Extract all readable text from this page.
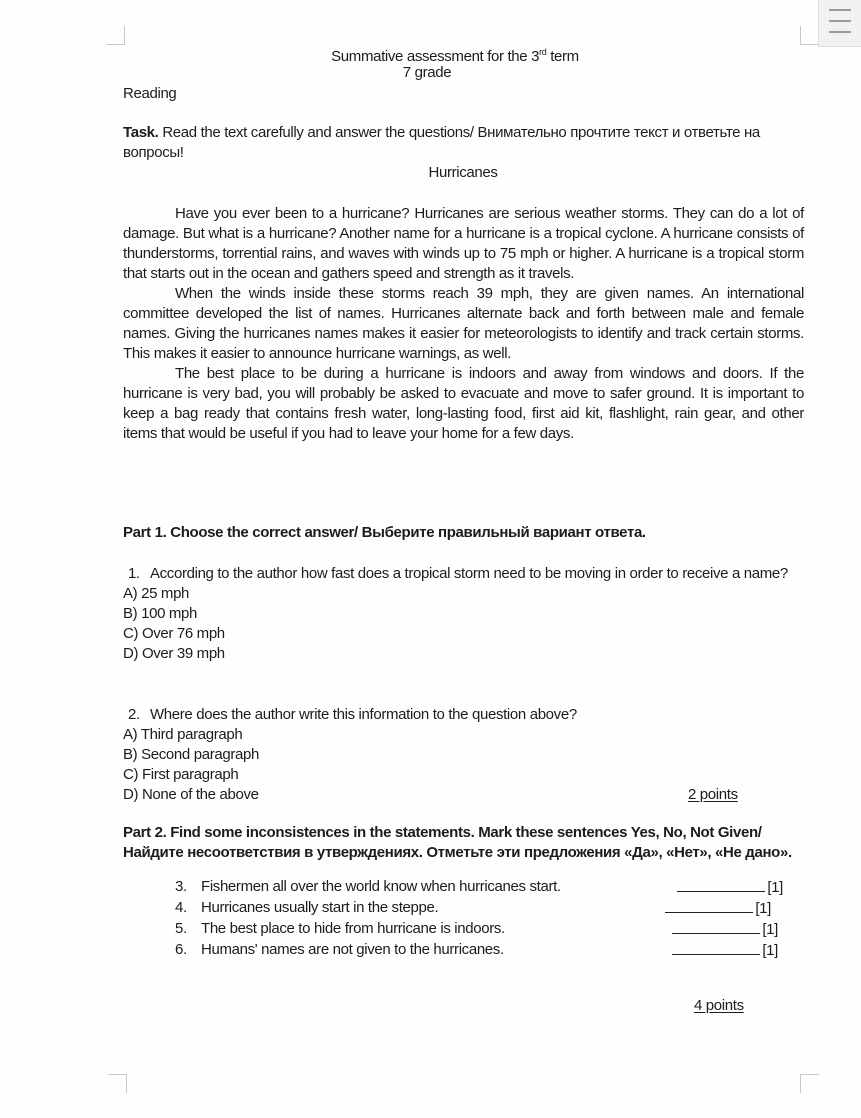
Summative assessment for the 3rd term
7 grade
Reading
Task. Read the text carefully and answer the questions/ Внимательно прочтите текст и ответьте на вопросы!
Hurricanes

Have you ever been to a hurricane? Hurricanes are serious weather storms. They can do a lot of damage. But what is a hurricane? Another name for a hurricane is a tropical cyclone. A hurricane consists of thunderstorms, torrential rains, and waves with winds up to 75 mph or higher. A hurricane is a tropical storm that starts out in the ocean and gathers speed and strength as it travels.

When the winds inside these storms reach 39 mph, they are given names. An international committee developed the list of names. Hurricanes alternate back and forth between male and female names. Giving the hurricanes names makes it easier for meteorologists to identify and track certain storms. This makes it easier to announce hurricane warnings, as well.

The best place to be during a hurricane is indoors and away from windows and doors. If the hurricane is very bad, you will probably be asked to evacuate and move to safer ground. It is important to keep a bag ready that contains fresh water, long-lasting food, first aid kit, flashlight, rain gear, and other items that would be useful if you had to leave your home for a few days.

Part 1. Choose the correct answer/ Выберите правильный вариант ответа.
1. According to the author how fast does a tropical storm need to be moving in order to receive a name?
A) 25 mph
B) 100 mph
C) Over 76 mph
D) Over 39 mph
2. Where does the author write this information to the question above?
A) Third paragraph
B) Second paragraph
C) First paragraph
D) None of the above	2 points
Part 2. Find some inconsistences in the statements. Mark these sentences Yes, No, Not Given/ Найдите несоответствия в утверждениях. Отметьте эти предложения «Да», «Нет», «Не дано».
3. Fishermen all over the world know when hurricanes start.	[1]
4. Hurricanes usually start in the steppe.	[1]
5. The best place to hide from hurricane is indoors.	[1]
6. Humans' names are not given to the hurricanes.	[1]
4 points
